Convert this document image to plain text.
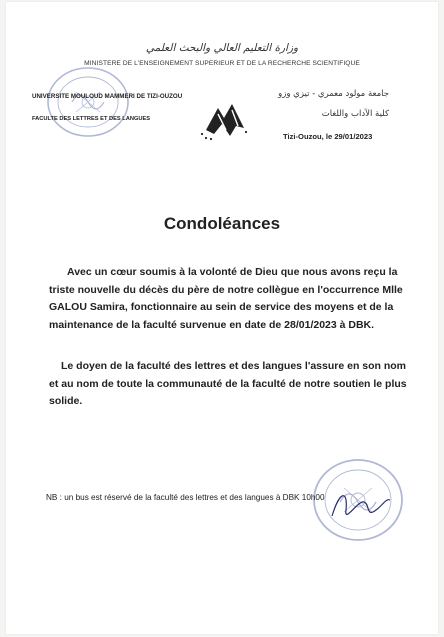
وزارة التعليم العالي والبحث العلمي
MINISTERE DE L'ENSEIGNEMENT SUPERIEUR ET DE LA RECHERCHE SCIENTIFIQUE
UNIVERSITE MOULOUD MAMMERI DE TIZI-OUZOU
FACULTE DES LETTRES ET DES LANGUES
جامعة مولود معمري - تيزي وزو
كلية الآداب واللغات
Tizi-Ouzou, le 29/01/2023
Condoléances
Avec un cœur soumis à la volonté de Dieu que nous avons reçu la triste nouvelle du décès du père de notre collègue en l'occurrence Mlle GALOU Samira, fonctionnaire au sein de service des moyens et de la maintenance de la faculté survenue en date de 28/01/2023 à DBK.
Le doyen de la faculté des lettres et des langues l'assure en son nom et au nom de toute la communauté de la faculté de notre soutien le plus solide.
NB : un bus est réservé de la faculté des lettres et des langues à DBK 10h00
